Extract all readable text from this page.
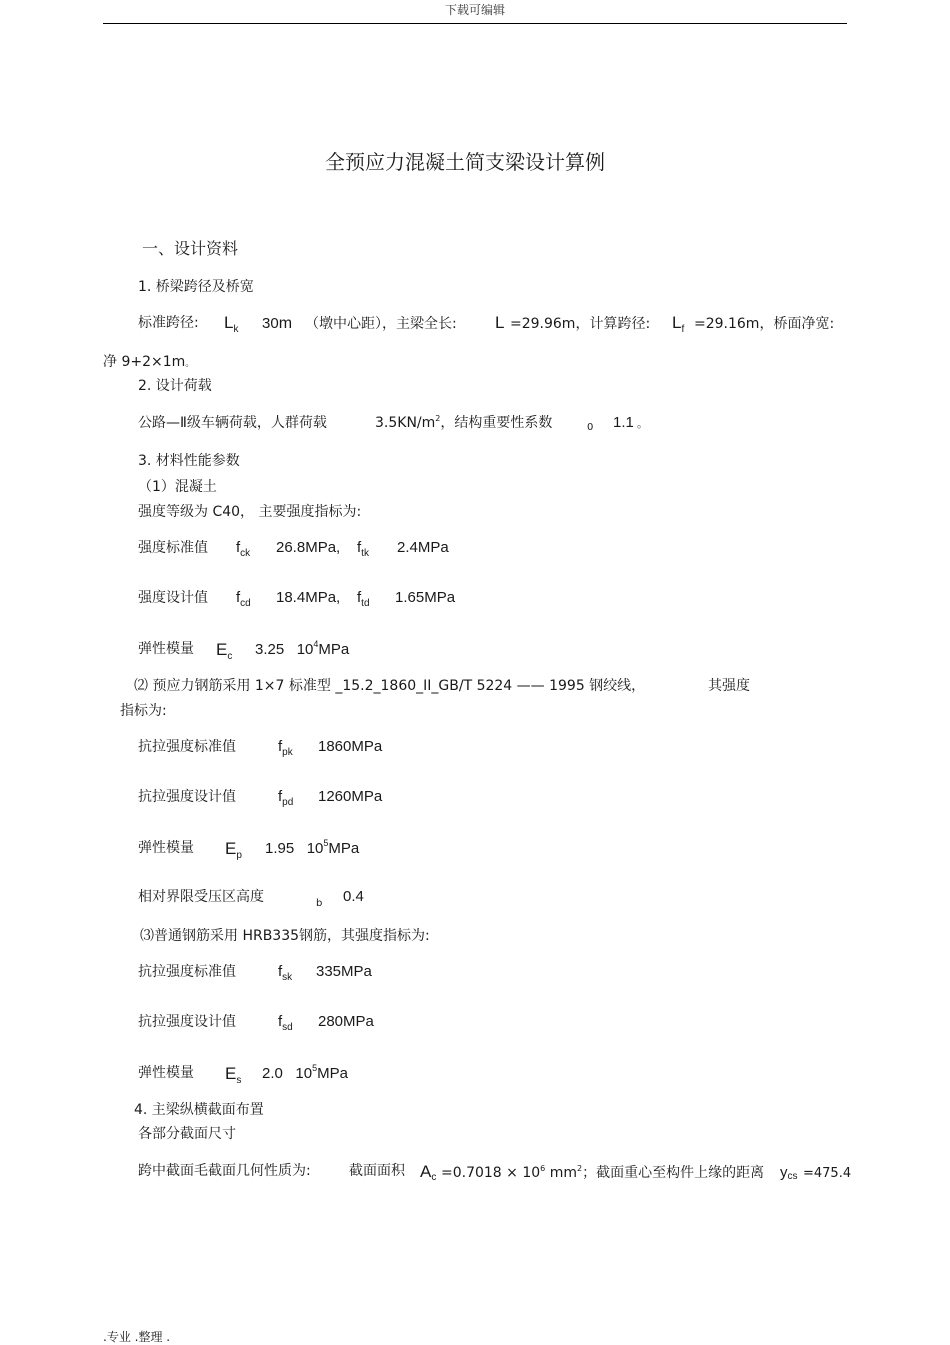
下载可编辑
全预应力混凝土简支梁设计算例
一、设计资料
1. 桥梁跨径及桥宽
标准跨径: $L_k$ 30m （墩中心距），主梁全长: L =29.96m，计算跨径: $L_f =29.16m$，桥面净宽:
净 9+2×1m。
2. 设计荷载
公路—Ⅱ级车辆荷载，人群荷载	$3.5KN/m^2$，结构重要性系数	0 1.1 。
3. 材料性能参数
（1）混凝土
强度等级为 C40， 主要强度指标为:
强度标准值 $f_{ck}$ 26.8MPa, $f_{tk}$ 2.4MPa
强度设计值 $f_{cd}$ 18.4MPa, $f_{td}$ 1.65MPa
弹性模量 $E_c$ 3.25 $10^4MPa$
⑵ 预应力钢筋采用 1×7 标准型 _15.2_1860_II_GB/T 5224 —— 1995 钢绞线，	其强度
指标为:
抗拉强度标准值	$f_{pk}$ 1860MPa
抗拉强度设计值	$f_{pd}$ 1260MPa
弹性模量 $E_p$ 1.95 $10^5MPa$
相对界限受压区高度	b 0.4
⑶普通钢筋采用 HRB335钢筋，其强度指标为:
抗拉强度标准值	$f_{sk}$ 335MPa
抗拉强度设计值	$f_{sd}$ 280MPa
弹性模量 $E_s$ 2.0 $10^5MPa$
4. 主梁纵横截面布置
各部分截面尺寸
跨中截面毛截面几何性质为:	截面面积 $Ac =0.7018 \times 10^6$ $mm^2$；截面重心至构件上缘的距离 ycs =475.4
.专业 .整理 .
